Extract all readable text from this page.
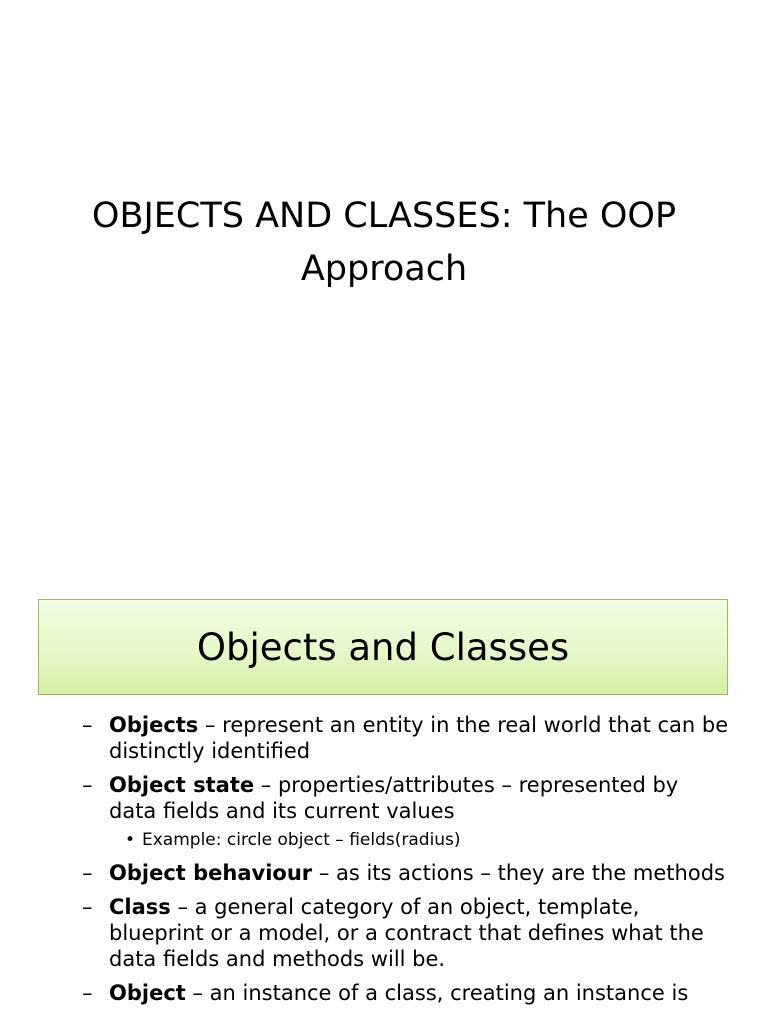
OBJECTS AND CLASSES: The OOP Approach
Objects and Classes
– Objects – represent an entity in the real world that can be distinctly identified
– Object state – properties/attributes – represented by data fields and its current values
• Example: circle object – fields(radius)
– Object behaviour – as its actions – they are the methods
– Class – a general category of an object, template, blueprint or a model, or a contract that defines what the data fields and methods will be.
– Object – an instance of a class, creating an instance is
